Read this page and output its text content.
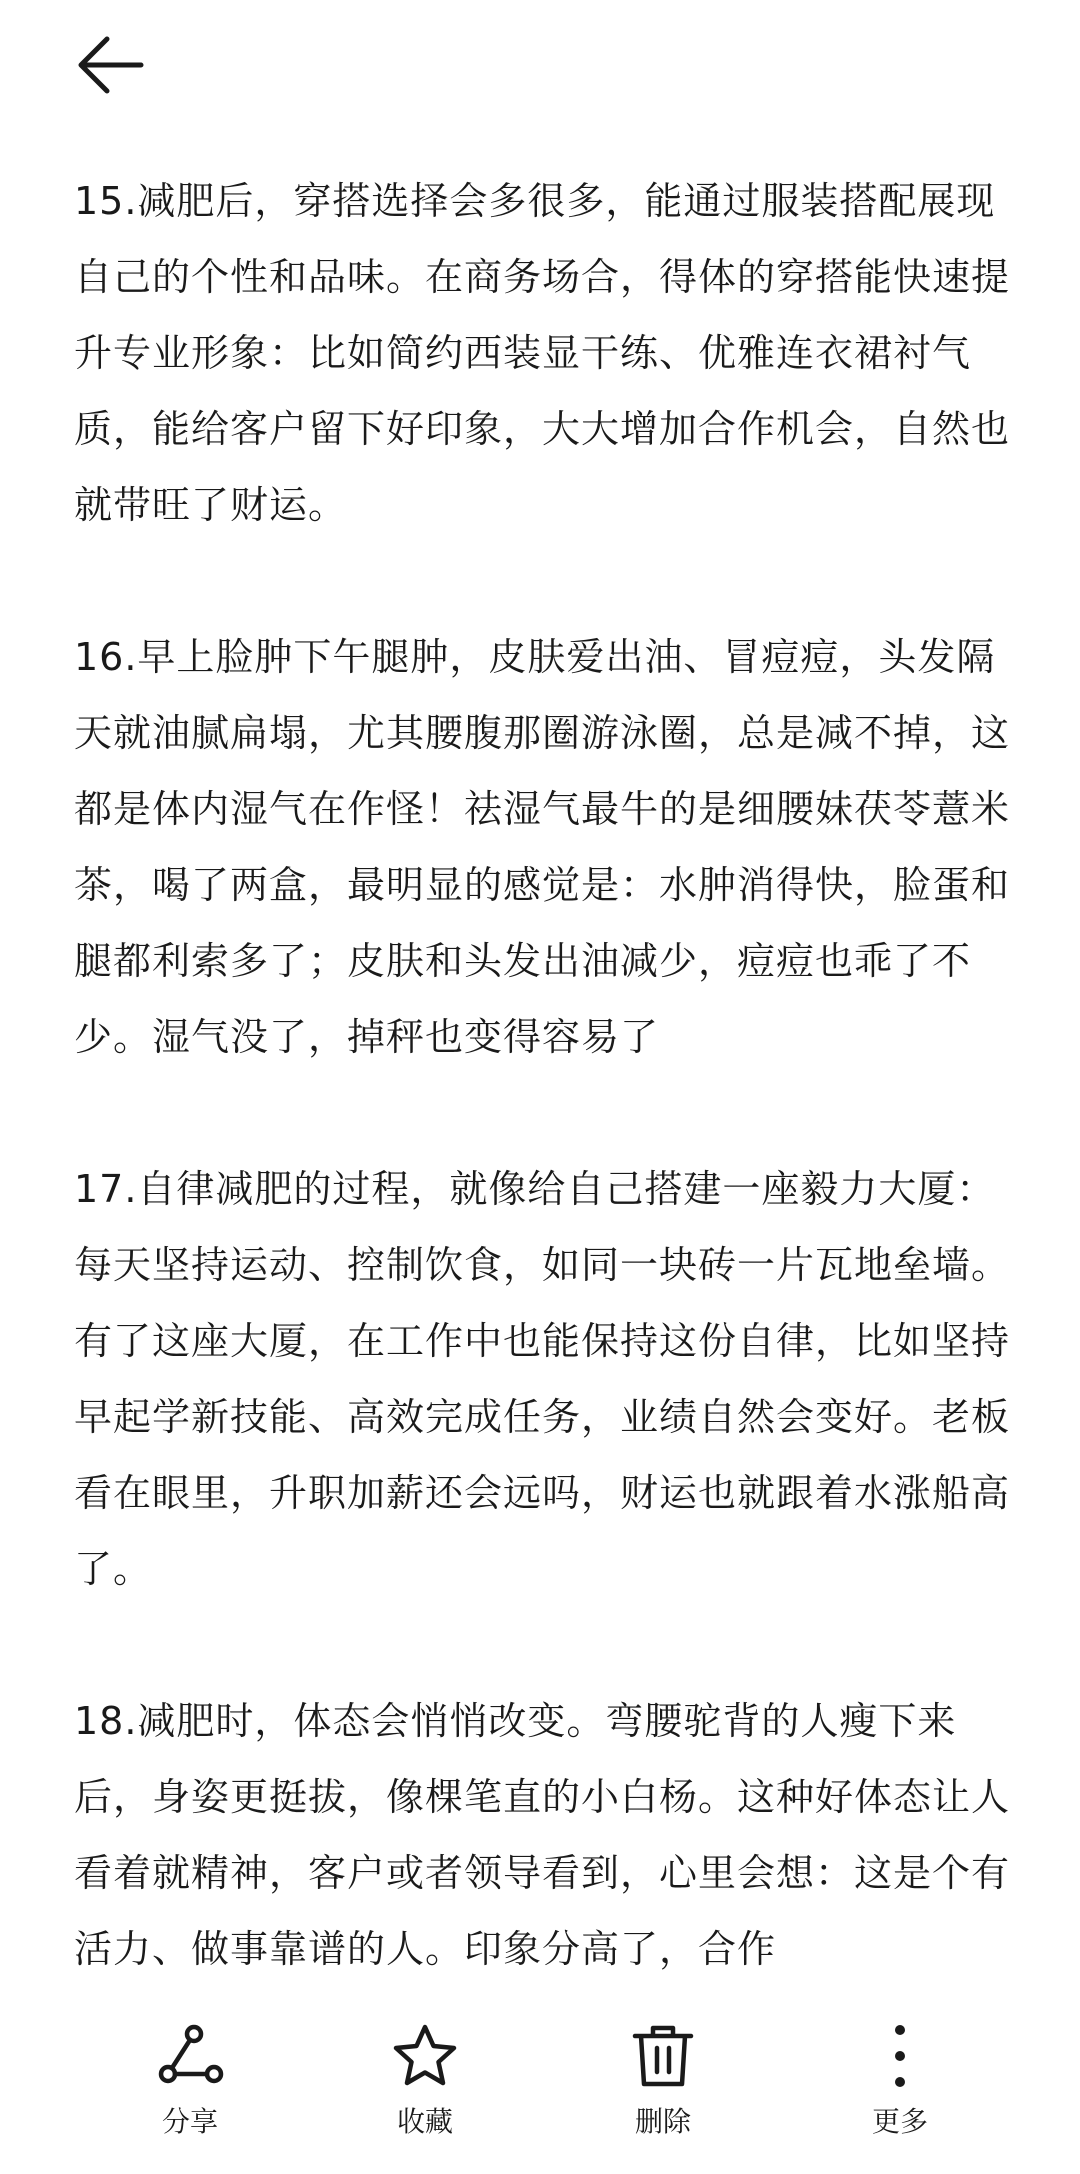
15.减肥后，穿搭选择会多很多，能通过服装搭配展现自己的个性和品味。在商务场合，得体的穿搭能快速提升专业形象：比如简约西装显干练、优雅连衣裙衬气质，能给客户留下好印象，大大增加合作机会，自然也就带旺了财运。

16.早上脸肿下午腿肿，皮肤爱出油、冒痘痘，头发隔天就油腻扁塌，尤其腰腹那圈游泳圈，总是减不掉，这都是体内湿气在作怪！祛湿气最牛的是细腰妹茯苓薏米茶，喝了两盒，最明显的感觉是：水肿消得快，脸蛋和腿都利索多了；皮肤和头发出油减少，痘痘也乖了不少。湿气没了，掉秤也变得容易了

17.自律减肥的过程，就像给自己搭建一座毅力大厦：每天坚持运动、控制饮食，如同一块砖一片瓦地垒墙。有了这座大厦，在工作中也能保持这份自律，比如坚持早起学新技能、高效完成任务，业绩自然会变好。老板看在眼里，升职加薪还会远吗，财运也就跟着水涨船高了。

18.减肥时，体态会悄悄改变。弯腰驼背的人瘦下来后，身姿更挺拔，像棵笔直的小白杨。这种好体态让人看着就精神，客户或者领导看到，心里会想：这是个有活力、做事靠谱的人。印象分高了，合作

分享	收藏	删除	更多
